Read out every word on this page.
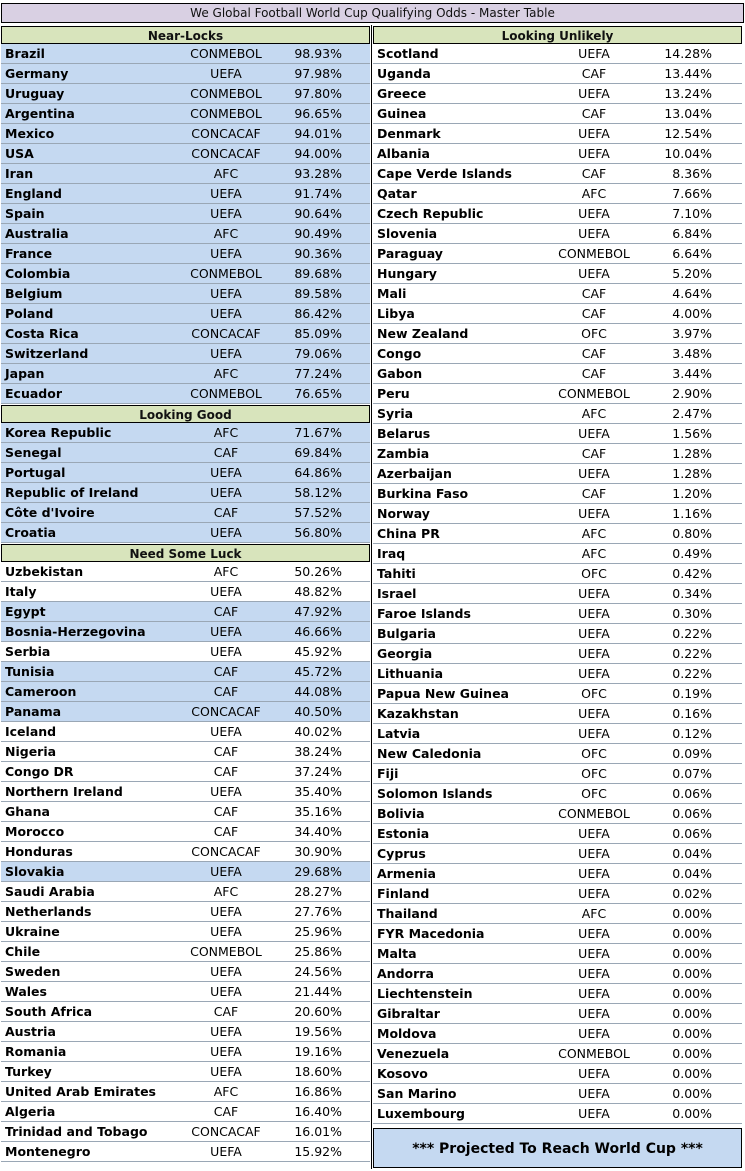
We Global Football World Cup Qualifying Odds - Master Table
Near-Locks
Brazil	CONMEBOL	98.93%
Germany	UEFA	97.98%
Uruguay	CONMEBOL	97.80%
Argentina	CONMEBOL	96.65%
Mexico	CONCACAF	94.01%
USA	CONCACAF	94.00%
Iran	AFC	93.28%
England	UEFA	91.74%
Spain	UEFA	90.64%
Australia	AFC	90.49%
France	UEFA	90.36%
Colombia	CONMEBOL	89.68%
Belgium	UEFA	89.58%
Poland	UEFA	86.42%
Costa Rica	CONCACAF	85.09%
Switzerland	UEFA	79.06%
Japan	AFC	77.24%
Ecuador	CONMEBOL	76.65%
Looking Good
Korea Republic	AFC	71.67%
Senegal	CAF	69.84%
Portugal	UEFA	64.86%
Republic of Ireland	UEFA	58.12%
Côte d'Ivoire	CAF	57.52%
Croatia	UEFA	56.80%
Need Some Luck
Uzbekistan	AFC	50.26%
Italy	UEFA	48.82%
Egypt	CAF	47.92%
Bosnia-Herzegovina	UEFA	46.66%
Serbia	UEFA	45.92%
Tunisia	CAF	45.72%
Cameroon	CAF	44.08%
Panama	CONCACAF	40.50%
Iceland	UEFA	40.02%
Nigeria	CAF	38.24%
Congo DR	CAF	37.24%
Northern Ireland	UEFA	35.40%
Ghana	CAF	35.16%
Morocco	CAF	34.40%
Honduras	CONCACAF	30.90%
Slovakia	UEFA	29.68%
Saudi Arabia	AFC	28.27%
Netherlands	UEFA	27.76%
Ukraine	UEFA	25.96%
Chile	CONMEBOL	25.86%
Sweden	UEFA	24.56%
Wales	UEFA	21.44%
South Africa	CAF	20.60%
Austria	UEFA	19.56%
Romania	UEFA	19.16%
Turkey	UEFA	18.60%
United Arab Emirates	AFC	16.86%
Algeria	CAF	16.40%
Trinidad and Tobago	CONCACAF	16.01%
Montenegro	UEFA	15.92%
Looking Unlikely
Scotland	UEFA	14.28%
Uganda	CAF	13.44%
Greece	UEFA	13.24%
Guinea	CAF	13.04%
Denmark	UEFA	12.54%
Albania	UEFA	10.04%
Cape Verde Islands	CAF	8.36%
Qatar	AFC	7.66%
Czech Republic	UEFA	7.10%
Slovenia	UEFA	6.84%
Paraguay	CONMEBOL	6.64%
Hungary	UEFA	5.20%
Mali	CAF	4.64%
Libya	CAF	4.00%
New Zealand	OFC	3.97%
Congo	CAF	3.48%
Gabon	CAF	3.44%
Peru	CONMEBOL	2.90%
Syria	AFC	2.47%
Belarus	UEFA	1.56%
Zambia	CAF	1.28%
Azerbaijan	UEFA	1.28%
Burkina Faso	CAF	1.20%
Norway	UEFA	1.16%
China PR	AFC	0.80%
Iraq	AFC	0.49%
Tahiti	OFC	0.42%
Israel	UEFA	0.34%
Faroe Islands	UEFA	0.30%
Bulgaria	UEFA	0.22%
Georgia	UEFA	0.22%
Lithuania	UEFA	0.22%
Papua New Guinea	OFC	0.19%
Kazakhstan	UEFA	0.16%
Latvia	UEFA	0.12%
New Caledonia	OFC	0.09%
Fiji	OFC	0.07%
Solomon Islands	OFC	0.06%
Bolivia	CONMEBOL	0.06%
Estonia	UEFA	0.06%
Cyprus	UEFA	0.04%
Armenia	UEFA	0.04%
Finland	UEFA	0.02%
Thailand	AFC	0.00%
FYR Macedonia	UEFA	0.00%
Malta	UEFA	0.00%
Andorra	UEFA	0.00%
Liechtenstein	UEFA	0.00%
Gibraltar	UEFA	0.00%
Moldova	UEFA	0.00%
Venezuela	CONMEBOL	0.00%
Kosovo	UEFA	0.00%
San Marino	UEFA	0.00%
Luxembourg	UEFA	0.00%
*** Projected To Reach World Cup ***
